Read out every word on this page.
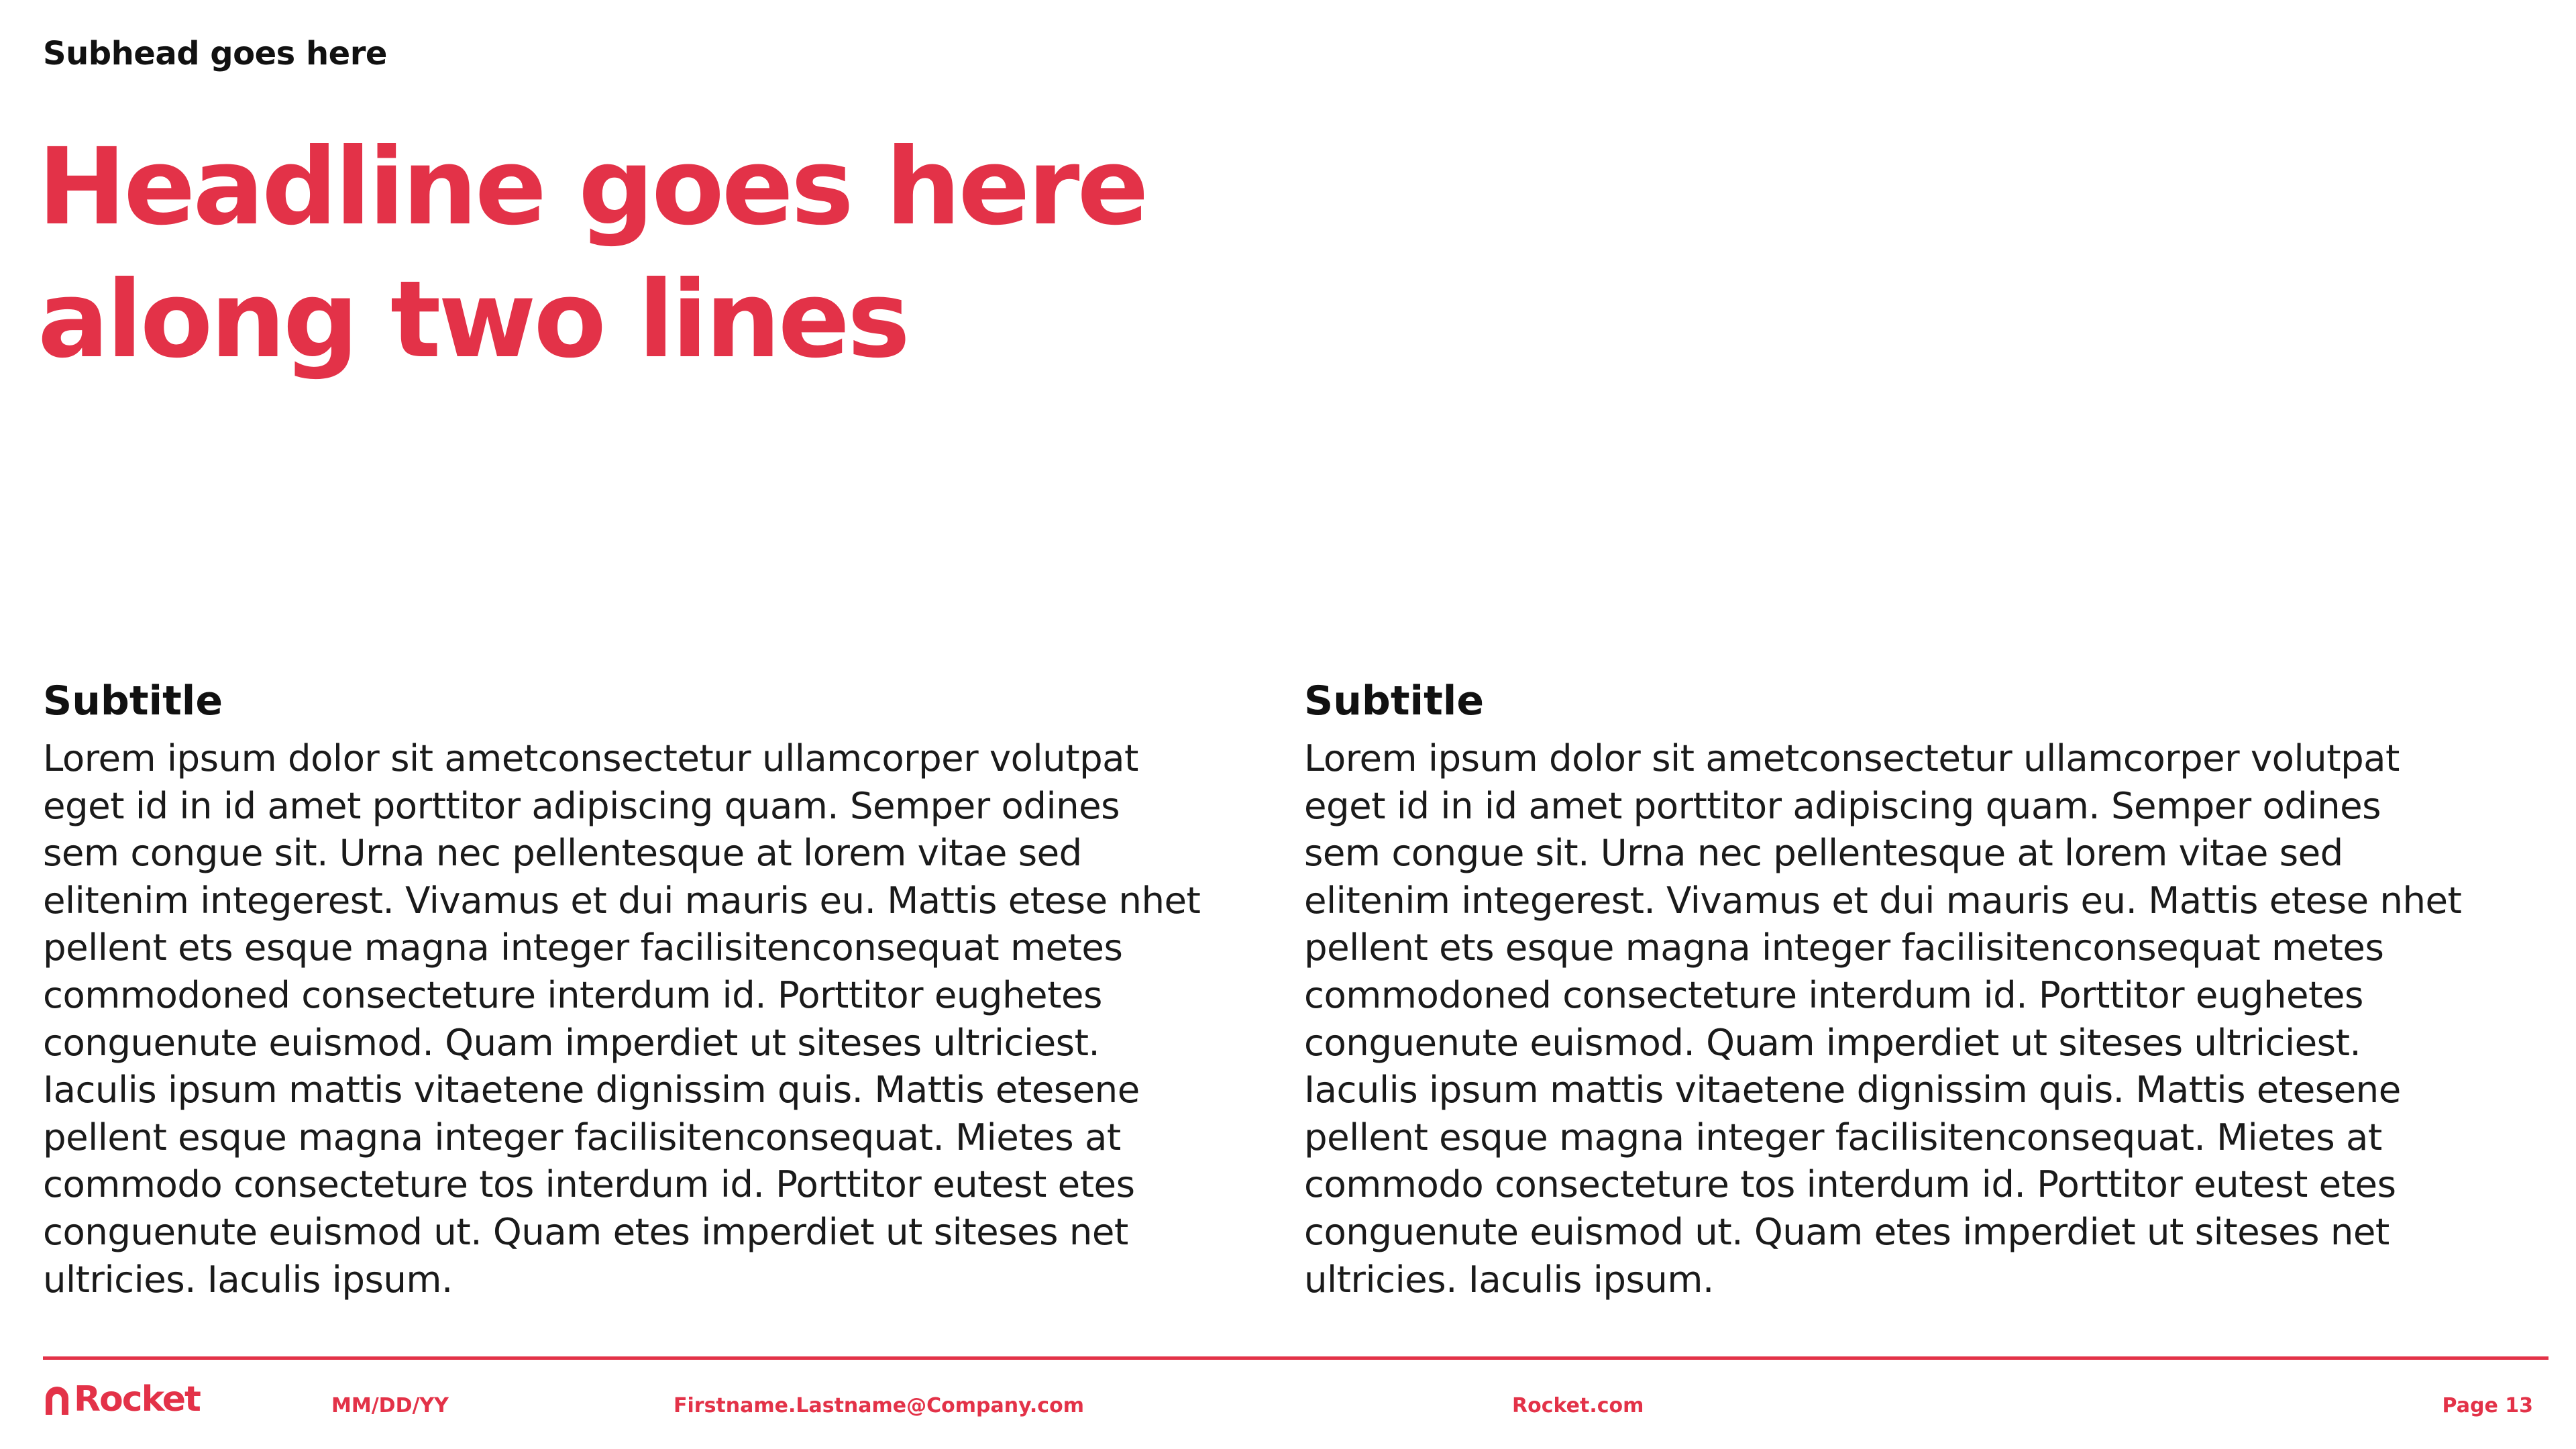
Subhead goes here
Headline goes here
along two lines
Subtitle

Lorem ipsum dolor sit ametconsectetur ullamcorper volutpat
eget id in id amet porttitor adipiscing quam. Semper odines
sem congue sit. Urna nec pellentesque at lorem vitae sed
elitenim integerest. Vivamus et dui mauris eu. Mattis etese nhet
pellent ets esque magna integer facilisitenconsequat metes
commodoned consecteture interdum id. Porttitor eughetes
conguenute euismod. Quam imperdiet ut siteses ultriciest.
Iaculis ipsum mattis vitaetene dignissim quis. Mattis etesene
pellent esque magna integer facilisitenconsequat. Mietes at
commodo consecteture tos interdum id. Porttitor eutest etes
conguenute euismod ut. Quam etes imperdiet ut siteses net
ultricies. Iaculis ipsum.

Subtitle

Lorem ipsum dolor sit ametconsectetur ullamcorper volutpat
eget id in id amet porttitor adipiscing quam. Semper odines
sem congue sit. Urna nec pellentesque at lorem vitae sed
elitenim integerest. Vivamus et dui mauris eu. Mattis etese nhet
pellent ets esque magna integer facilisitenconsequat metes
commodoned consecteture interdum id. Porttitor eughetes
conguenute euismod. Quam imperdiet ut siteses ultriciest.
Iaculis ipsum mattis vitaetene dignissim quis. Mattis etesene
pellent esque magna integer facilisitenconsequat. Mietes at
commodo consecteture tos interdum id. Porttitor eutest etes
conguenute euismod ut. Quam etes imperdiet ut siteses net
ultricies. Iaculis ipsum.

Rocket	MM/DD/YY	Firstname.Lastname@Company.com	Rocket.com	Page 13
